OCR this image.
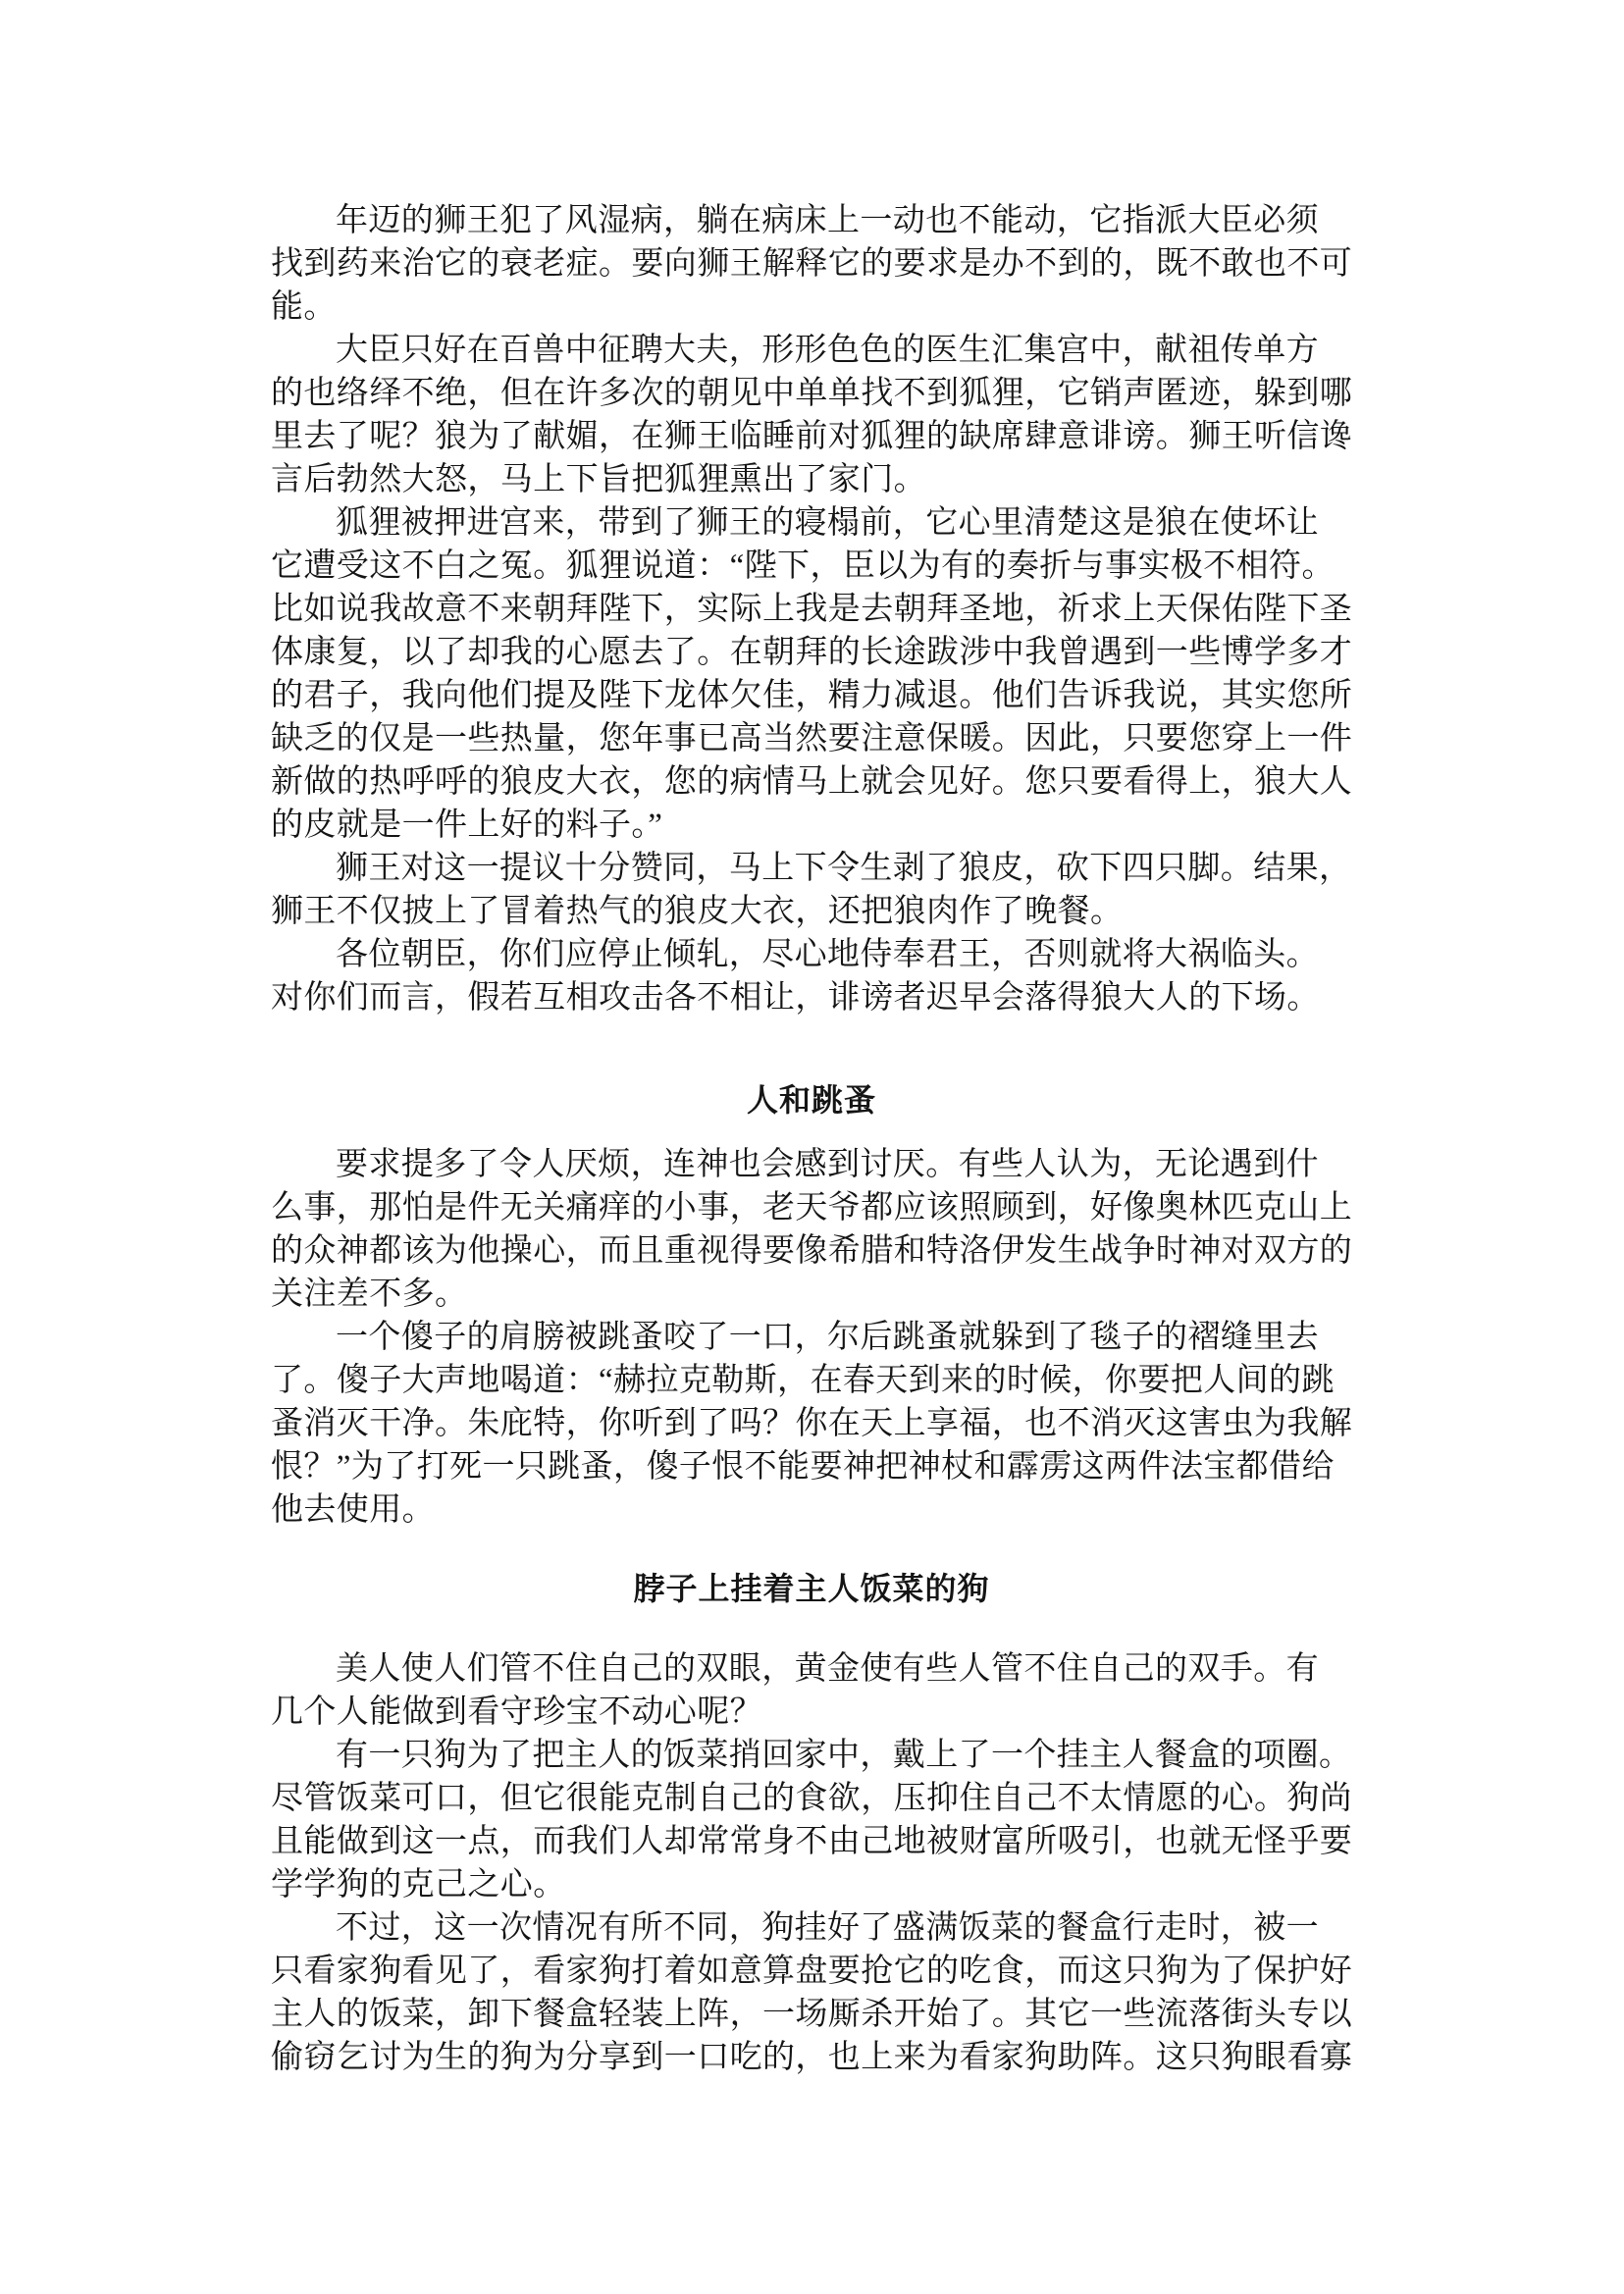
年迈的狮王犯了风湿病，躺在病床上一动也不能动，它指派大臣必须
找到药来治它的衰老症。要向狮王解释它的要求是办不到的，既不敢也不可
能。
大臣只好在百兽中征聘大夫，形形色色的医生汇集宫中，献祖传单方
的也络绎不绝，但在许多次的朝见中单单找不到狐狸，它销声匿迹，躲到哪
里去了呢？狼为了献媚，在狮王临睡前对狐狸的缺席肆意诽谤。狮王听信谗
言后勃然大怒，马上下旨把狐狸熏出了家门。
狐狸被押进宫来，带到了狮王的寝榻前，它心里清楚这是狼在使坏让
它遭受这不白之冤。狐狸说道：“陛下，臣以为有的奏折与事实极不相符。
比如说我故意不来朝拜陛下，实际上我是去朝拜圣地，祈求上天保佑陛下圣
体康复，以了却我的心愿去了。在朝拜的长途跋涉中我曾遇到一些博学多才
的君子，我向他们提及陛下龙体欠佳，精力减退。他们告诉我说，其实您所
缺乏的仅是一些热量，您年事已高当然要注意保暖。因此，只要您穿上一件
新做的热呼呼的狼皮大衣，您的病情马上就会见好。您只要看得上，狼大人
的皮就是一件上好的料子。”
狮王对这一提议十分赞同，马上下令生剥了狼皮，砍下四只脚。结果，
狮王不仅披上了冒着热气的狼皮大衣，还把狼肉作了晚餐。
各位朝臣，你们应停止倾轧，尽心地侍奉君王，否则就将大祸临头。
对你们而言，假若互相攻击各不相让，诽谤者迟早会落得狼大人的下场。
人和跳蚤
要求提多了令人厌烦，连神也会感到讨厌。有些人认为，无论遇到什
么事，那怕是件无关痛痒的小事，老天爷都应该照顾到，好像奥林匹克山上
的众神都该为他操心，而且重视得要像希腊和特洛伊发生战争时神对双方的
关注差不多。
一个傻子的肩膀被跳蚤咬了一口，尔后跳蚤就躲到了毯子的褶缝里去
了。傻子大声地喝道：“赫拉克勒斯，在春天到来的时候，你要把人间的跳
蚤消灭干净。朱庇特，你听到了吗？你在天上享福，也不消灭这害虫为我解
恨？”为了打死一只跳蚤，傻子恨不能要神把神杖和霹雳这两件法宝都借给
他去使用。
脖子上挂着主人饭菜的狗
美人使人们管不住自己的双眼，黄金使有些人管不住自己的双手。有
几个人能做到看守珍宝不动心呢？
有一只狗为了把主人的饭菜捎回家中，戴上了一个挂主人餐盒的项圈。
尽管饭菜可口，但它很能克制自己的食欲，压抑住自己不太情愿的心。狗尚
且能做到这一点，而我们人却常常身不由己地被财富所吸引，也就无怪乎要
学学狗的克己之心。
不过，这一次情况有所不同，狗挂好了盛满饭菜的餐盒行走时，被一
只看家狗看见了，看家狗打着如意算盘要抢它的吃食，而这只狗为了保护好
主人的饭菜，卸下餐盒轻装上阵，一场厮杀开始了。其它一些流落街头专以
偷窃乞讨为生的狗为分享到一口吃的，也上来为看家狗助阵。这只狗眼看寡
